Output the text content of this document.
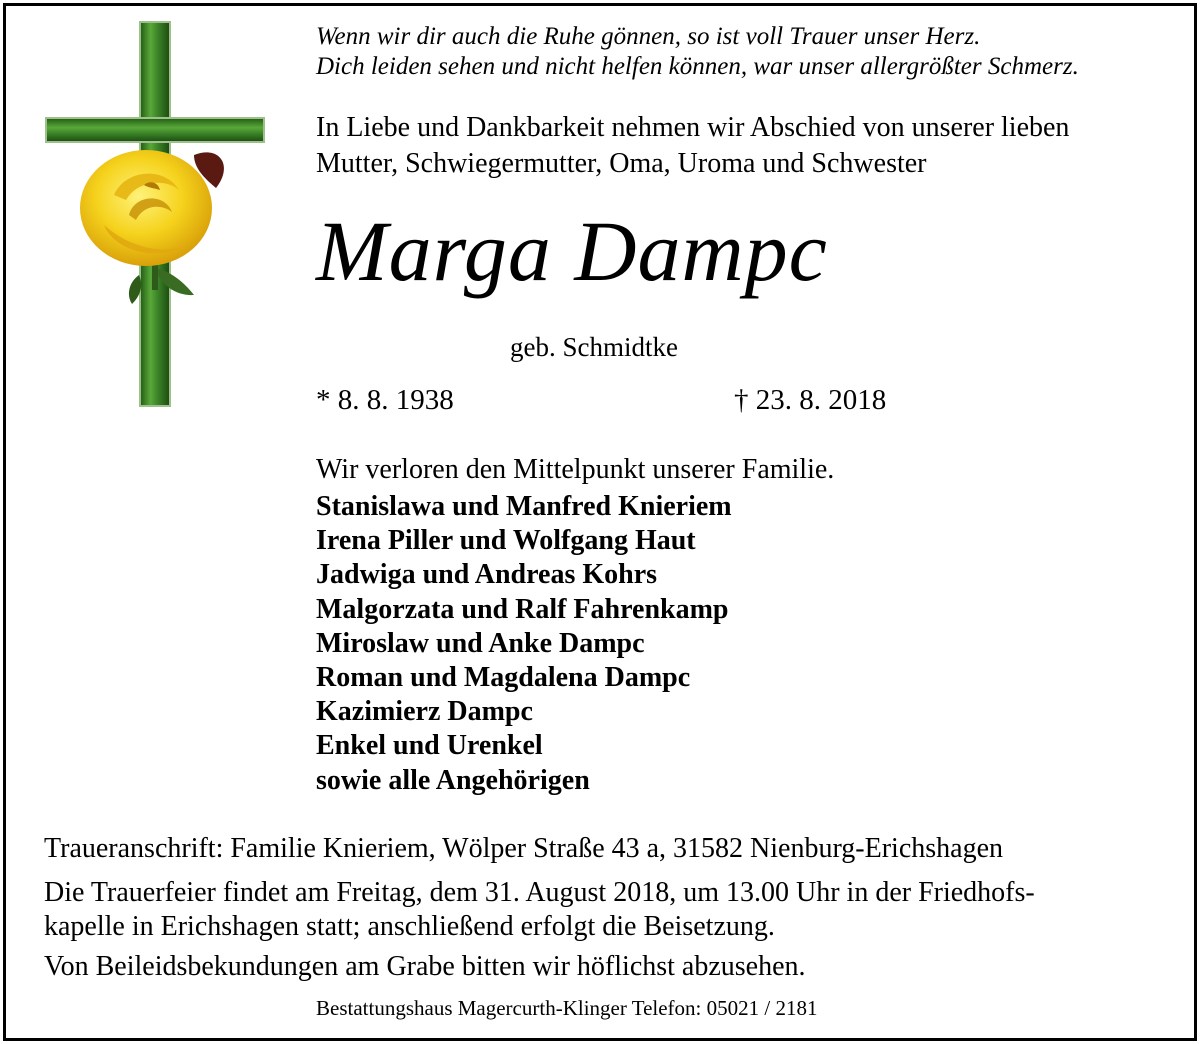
Wenn wir dir auch die Ruhe gönnen, so ist voll Trauer unser Herz.
Dich leiden sehen und nicht helfen können, war unser allergrößter Schmerz.
In Liebe und Dankbarkeit nehmen wir Abschied von unserer lieben
Mutter, Schwiegermutter, Oma, Uroma und Schwester
Marga Dampc
geb. Schmidtke
* 8. 8. 1938	† 23. 8. 2018
Wir verloren den Mittelpunkt unserer Familie.
Stanislawa und Manfred Knieriem
Irena Piller und Wolfgang Haut
Jadwiga und Andreas Kohrs
Malgorzata und Ralf Fahrenkamp
Miroslaw und Anke Dampc
Roman und Magdalena Dampc
Kazimierz Dampc
Enkel und Urenkel
sowie alle Angehörigen
Traueranschrift: Familie Knieriem, Wölper Straße 43 a, 31582 Nienburg-Erichshagen
Die Trauerfeier findet am Freitag, dem 31. August 2018, um 13.00 Uhr in der Friedhofs-
kapelle in Erichshagen statt; anschließend erfolgt die Beisetzung.
Von Beileidsbekundungen am Grabe bitten wir höflichst abzusehen.
Bestattungshaus Magercurth-Klinger Telefon: 05021 / 2181
